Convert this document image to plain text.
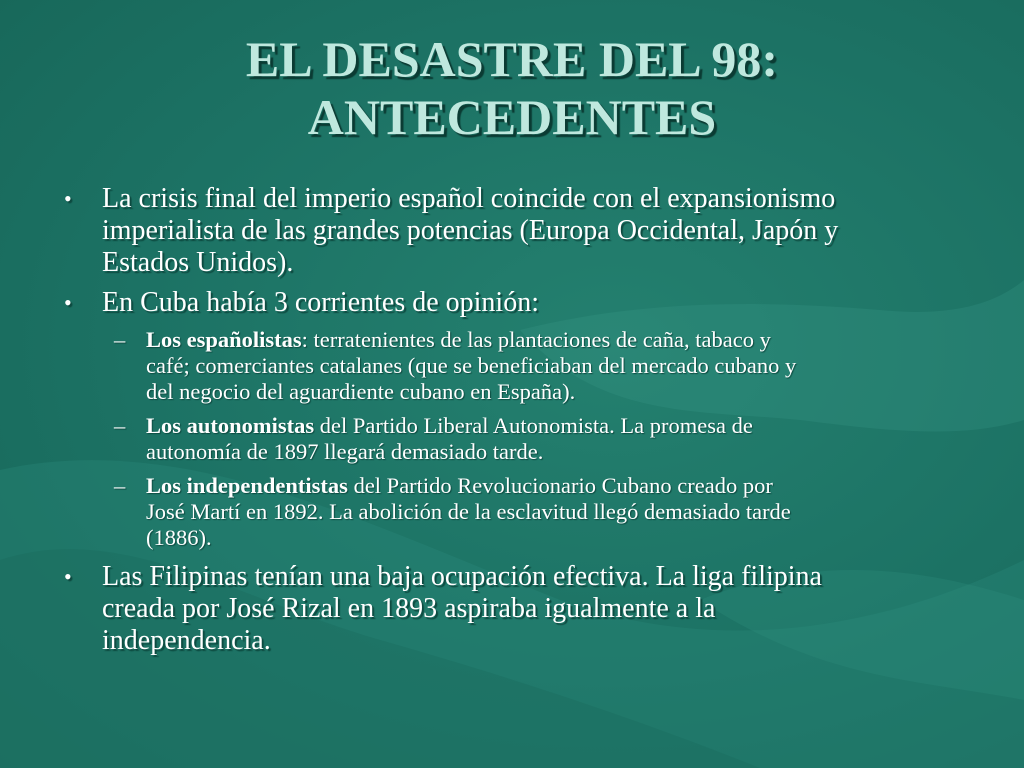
EL DESASTRE DEL 98:
ANTECEDENTES
• La crisis final del imperio español coincide con el expansionismo
imperialista de las grandes potencias (Europa Occidental, Japón y
Estados Unidos).
• En Cuba había 3 corrientes de opinión:
– Los españolistas: terratenientes de las plantaciones de caña, tabaco y
café; comerciantes catalanes (que se beneficiaban del mercado cubano y
del negocio del aguardiente cubano en España).
– Los autonomistas del Partido Liberal Autonomista. La promesa de
autonomía de 1897 llegará demasiado tarde.
– Los independentistas del Partido Revolucionario Cubano creado por
José Martí en 1892. La abolición de la esclavitud llegó demasiado tarde
(1886).
• Las Filipinas tenían una baja ocupación efectiva. La liga filipina
creada por José Rizal en 1893 aspiraba igualmente a la
independencia.
